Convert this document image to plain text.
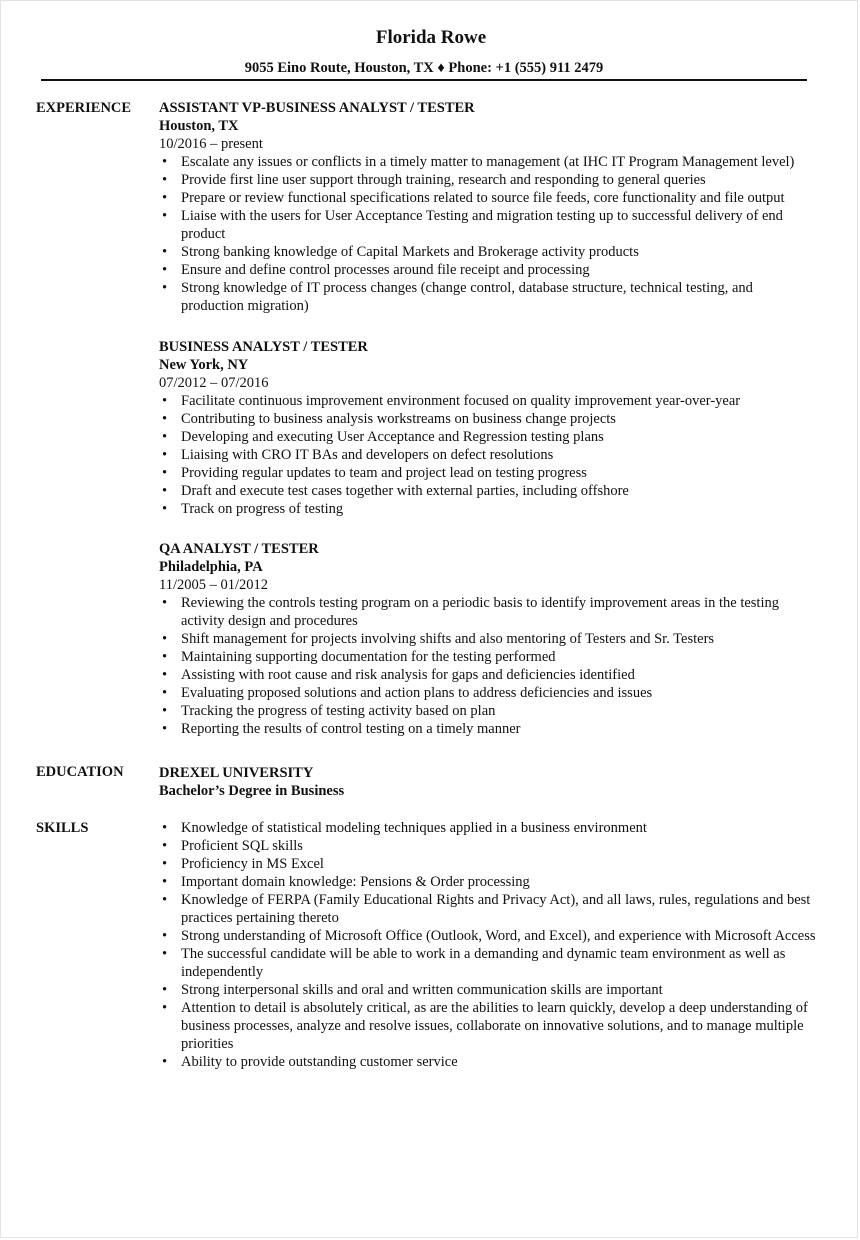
Florida Rowe
9055 Eino Route, Houston, TX ♦ Phone: +1 (555) 911 2479
EXPERIENCE ASSISTANT VP-BUSINESS ANALYST / TESTER
Houston, TX
10/2016 – present
• Escalate any issues or conflicts in a timely matter to management (at IHC IT Program Management level)
• Provide first line user support through training, research and responding to general queries
• Prepare or review functional specifications related to source file feeds, core functionality and file output
• Liaise with the users for User Acceptance Testing and migration testing up to successful delivery of end product
• Strong banking knowledge of Capital Markets and Brokerage activity products
• Ensure and define control processes around file receipt and processing
• Strong knowledge of IT process changes (change control, database structure, technical testing, and production migration)
BUSINESS ANALYST / TESTER
New York, NY
07/2012 – 07/2016
• Facilitate continuous improvement environment focused on quality improvement year-over-year
• Contributing to business analysis workstreams on business change projects
• Developing and executing User Acceptance and Regression testing plans
• Liaising with CRO IT BAs and developers on defect resolutions
• Providing regular updates to team and project lead on testing progress
• Draft and execute test cases together with external parties, including offshore
• Track on progress of testing
QA ANALYST / TESTER
Philadelphia, PA
11/2005 – 01/2012
• Reviewing the controls testing program on a periodic basis to identify improvement areas in the testing activity design and procedures
• Shift management for projects involving shifts and also mentoring of Testers and Sr. Testers
• Maintaining supporting documentation for the testing performed
• Assisting with root cause and risk analysis for gaps and deficiencies identified
• Evaluating proposed solutions and action plans to address deficiencies and issues
• Tracking the progress of testing activity based on plan
• Reporting the results of control testing on a timely manner
EDUCATION DREXEL UNIVERSITY
Bachelor’s Degree in Business
SKILLS
•	Knowledge of statistical modeling techniques applied in a business environment
• Proficient SQL skills
• Proficiency in MS Excel
• Important domain knowledge: Pensions & Order processing
• Knowledge of FERPA (Family Educational Rights and Privacy Act), and all laws, rules, regulations and best practices pertaining thereto
• Strong understanding of Microsoft Office (Outlook, Word, and Excel), and experience with Microsoft Access
• The successful candidate will be able to work in a demanding and dynamic team environment as well as independently
• Strong interpersonal skills and oral and written communication skills are important
• Attention to detail is absolutely critical, as are the abilities to learn quickly, develop a deep understanding of business processes, analyze and resolve issues, collaborate on innovative solutions, and to manage multiple priorities
• Ability to provide outstanding customer service
